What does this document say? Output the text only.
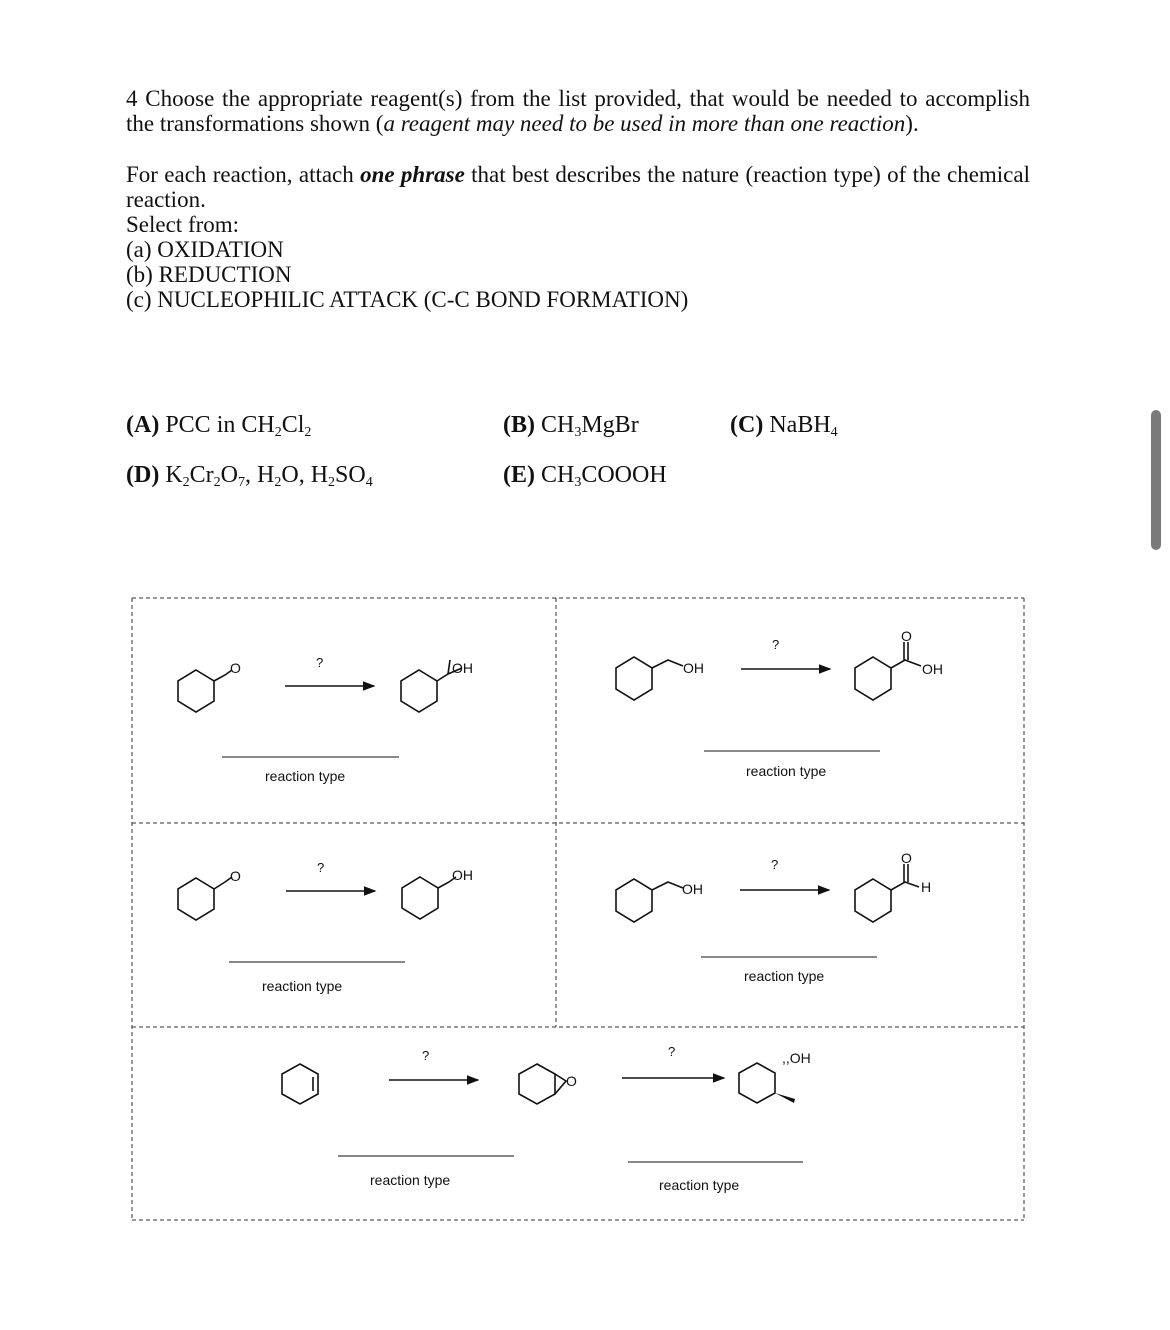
4 Choose the appropriate reagent(s) from the list provided, that would be needed to accomplish the transformations shown (a reagent may need to be used in more than one reaction).

For each reaction, attach one phrase that best describes the nature (reaction type) of the chemical reaction.

Select from:
(a) OXIDATION
(b) REDUCTION
(c) NUCLEOPHILIC ATTACK (C-C BOND FORMATION)
(A) PCC in $CH_2Cl_2$	(B) $CH_3MgBr$	(C) NaBH$_4$
(D) $K_2Cr_2O_7$, $H_2O$, $H_2SO_4$	(E) $CH_3COOOH$
O	OH	OH
O
OH
O	OH
OH
O
H
O
,,OH
?
?
?	?
?	?
reaction type	reaction type
reaction type
reaction type
reaction type	reaction type
